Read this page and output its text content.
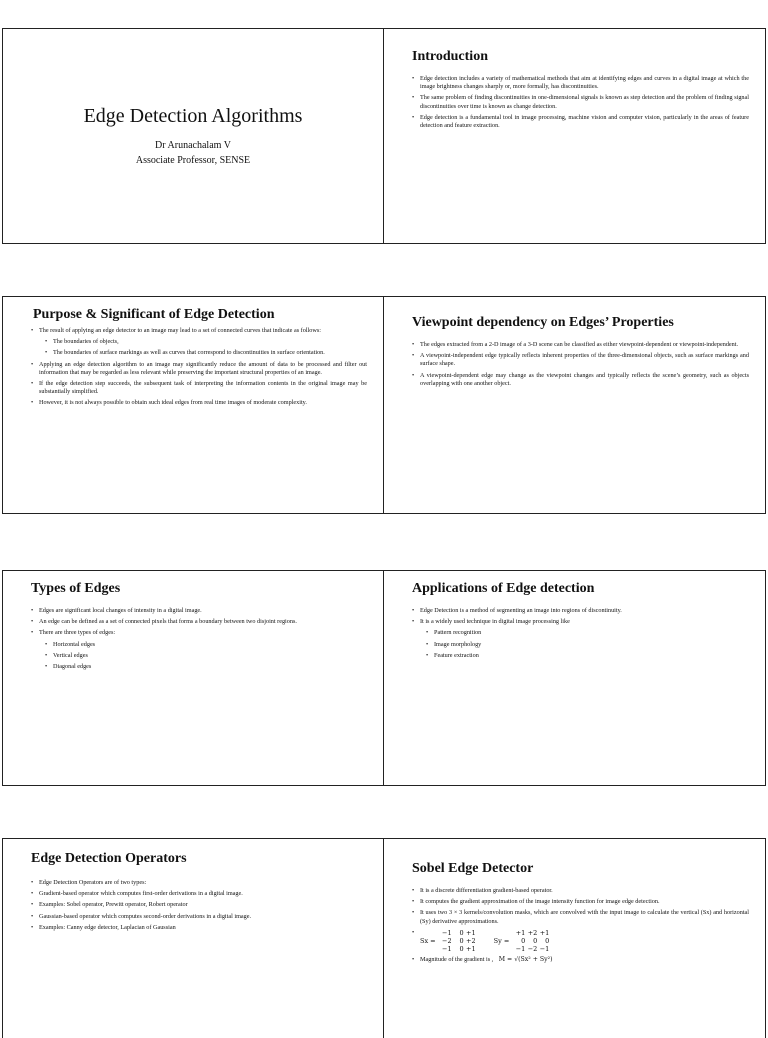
Edge Detection Algorithms
Dr Arunachalam V
Associate Professor, SENSE
Introduction
• Edge detection includes a variety of mathematical methods that aim at identifying edges and curves in a digital image at which the image brightness changes sharply or, more formally, has discontinuities.
• The same problem of finding discontinuities in one-dimensional signals is known as step detection and the problem of finding signal discontinuities over time is known as change detection.
• Edge detection is a fundamental tool in image processing, machine vision and computer vision, particularly in the areas of feature detection and feature extraction.
Purpose & Significant of Edge Detection
• The result of applying an edge detector to an image may lead to a set of connected curves that indicate as follows:
• The boundaries of objects,
• The boundaries of surface markings as well as curves that correspond to discontinuities in surface orientation.
• Applying an edge detection algorithm to an image may significantly reduce the amount of data to be processed and filter out information that may be regarded as less relevant while preserving the important structural properties of an image.
• If the edge detection step succeeds, the subsequent task of interpreting the information contents in the original image may be substantially simplified.
• However, it is not always possible to obtain such ideal edges from real time images of moderate complexity.
Viewpoint dependency on Edges’ Properties
• The edges extracted from a 2-D image of a 3-D scene can be classified as either viewpoint-dependent or viewpoint-independent.
• A viewpoint-independent edge typically reflects inherent properties of the three-dimensional objects, such as surface markings and surface shape.
• A viewpoint-dependent edge may change as the viewpoint changes and typically reflects the scene’s geometry, such as objects overlapping with one another object.
Types of Edges
• Edges are significant local changes of intensity in a digital image.
• An edge can be defined as a set of connected pixels that forms a boundary between two disjoint regions.
• There are three types of edges:
• Horizontal edges
• Vertical edges
• Diagonal edges
Applications of Edge detection
• Edge Detection is a method of segmenting an image into regions of discontinuity.
• It is a widely used technique in digital image processing like
• Pattern recognition
• Image morphology
• Feature extraction
Edge Detection Operators
• Edge Detection Operators are of two types:
• Gradient-based operator which computes first-order derivations in a digital image.
• Examples: Sobel operator, Prewitt operator, Robert operator
• Gaussian-based operator which computes second-order derivations in a digital image.
• Examples: Canny edge detector, Laplacian of Gaussian
Sobel Edge Detector
• It is a discrete differentiation gradient-based operator.
• It computes the gradient approximation of the image intensity function for image edge detection.
• It uses two 3 × 3 kernels/convolution masks, which are convolved with the input image to calculate the vertical (Sx) and horizontal (Sy) derivative approximations.
• Sx =
−1	0 +1
−2	0 +2
−1	0 +1
Sy =
+1 +2 +1
0	0	0
−1 −2 −1
• Magnitude of the gradient is , M = √(Sx² + Sy²)
